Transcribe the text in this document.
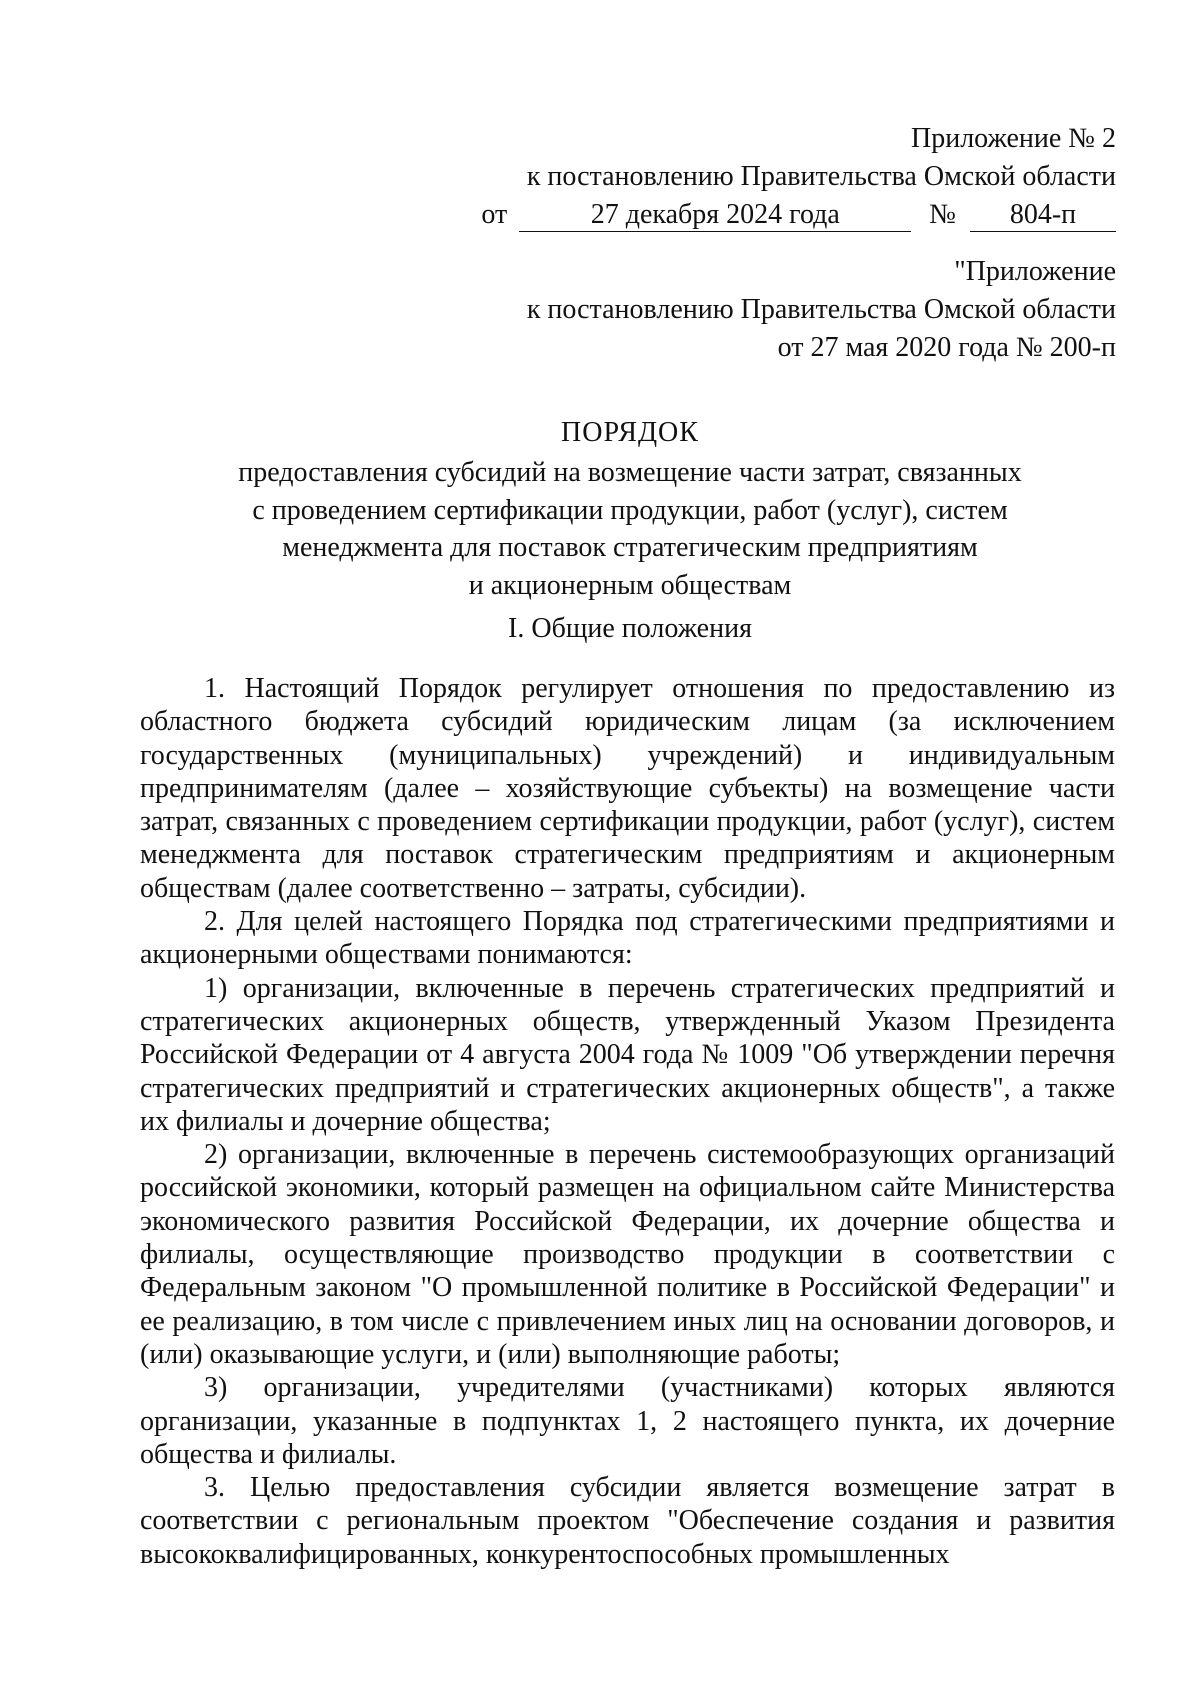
Приложение № 2
к постановлению Правительства Омской области
от	27 декабря 2024 года	№	804-п
"Приложение
к постановлению Правительства Омской области
от 27 мая 2020 года № 200-п
ПОРЯДОК
предоставления субсидий на возмещение части затрат, связанных
с проведением сертификации продукции, работ (услуг), систем
менеджмента для поставок стратегическим предприятиям
и акционерным обществам
I. Общие положения

1. Настоящий Порядок регулирует отношения по предоставлению из областного бюджета субсидий юридическим лицам (за исключением государственных (муниципальных) учреждений) и индивидуальным предпринимателям (далее – хозяйствующие субъекты) на возмещение части затрат, связанных с проведением сертификации продукции, работ (услуг), систем менеджмента для поставок стратегическим предприятиям и акционерным обществам (далее соответственно – затраты, субсидии).

2. Для целей настоящего Порядка под стратегическими предприятиями и акционерными обществами понимаются:

1) организации, включенные в перечень стратегических предприятий и стратегических акционерных обществ, утвержденный Указом Президента Российской Федерации от 4 августа 2004 года № 1009 "Об утверждении перечня стратегических предприятий и стратегических акционерных обществ", а также их филиалы и дочерние общества;

2) организации, включенные в перечень системообразующих организаций российской экономики, который размещен на официальном сайте Министерства экономического развития Российской Федерации, их дочерние общества и филиалы, осуществляющие производство продукции в соответствии с Федеральным законом "О промышленной политике в Российской Федерации" и ее реализацию, в том числе с привлечением иных лиц на основании договоров, и (или) оказывающие услуги, и (или) выполняющие работы;

3) организации, учредителями (участниками) которых являются организации, указанные в подпунктах 1, 2 настоящего пункта, их дочерние общества и филиалы.

3. Целью предоставления субсидии является возмещение затрат в соответствии с региональным проектом "Обеспечение создания и развития высококвалифицированных, конкурентоспособных промышленных
